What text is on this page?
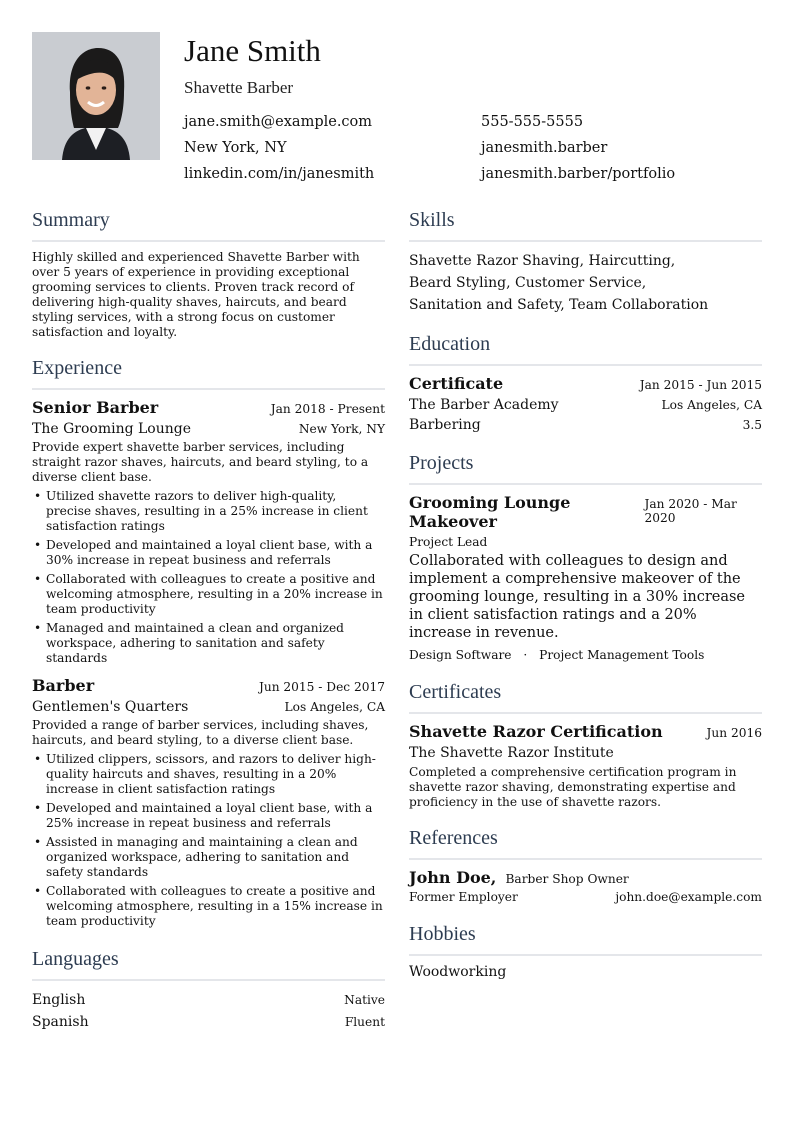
Jane Smith
Shavette Barber
jane.smith@example.com	555-555-5555
New York, NY	janesmith.barber
linkedin.com/in/janesmith	janesmith.barber/portfolio
Summary
Highly skilled and experienced Shavette Barber with over 5 years of experience in providing exceptional grooming services to clients. Proven track record of delivering high-quality shaves, haircuts, and beard styling services, with a strong focus on customer satisfaction and loyalty.
Experience
Senior Barber	Jan 2018 - Present
The Grooming Lounge	New York, NY
Provide expert shavette barber services, including straight razor shaves, haircuts, and beard styling, to a diverse client base.
• Utilized shavette razors to deliver high-quality, precise shaves, resulting in a 25% increase in client satisfaction ratings
• Developed and maintained a loyal client base, with a 30% increase in repeat business and referrals
• Collaborated with colleagues to create a positive and welcoming atmosphere, resulting in a 20% increase in team productivity
• Managed and maintained a clean and organized workspace, adhering to sanitation and safety standards
Barber	Jun 2015 - Dec 2017
Gentlemen's Quarters	Los Angeles, CA
Provided a range of barber services, including shaves, haircuts, and beard styling, to a diverse client base.
• Utilized clippers, scissors, and razors to deliver high-quality haircuts and shaves, resulting in a 20% increase in client satisfaction ratings
• Developed and maintained a loyal client base, with a 25% increase in repeat business and referrals
• Assisted in managing and maintaining a clean and organized workspace, adhering to sanitation and safety standards
• Collaborated with colleagues to create a positive and welcoming atmosphere, resulting in a 15% increase in team productivity
Languages
English	Native
Spanish	Fluent
Skills
Shavette Razor Shaving, Haircutting,
Beard Styling, Customer Service,
Sanitation and Safety, Team Collaboration
Education
Certificate	Jan 2015 - Jun 2015
The Barber Academy	Los Angeles, CA
Barbering	3.5
Projects
Grooming Lounge Makeover
Jan 2020 - Mar 2020
Project Lead
Collaborated with colleagues to design and implement a comprehensive makeover of the grooming lounge, resulting in a 30% increase in client satisfaction ratings and a 20% increase in revenue.
Design Software · Project Management Tools
Certificates
Shavette Razor Certification	Jun 2016
The Shavette Razor Institute
Completed a comprehensive certification program in shavette razor shaving, demonstrating expertise and proficiency in the use of shavette razors.
References
John Doe, Barber Shop Owner
Former Employer	john.doe@example.com
Hobbies
Woodworking
